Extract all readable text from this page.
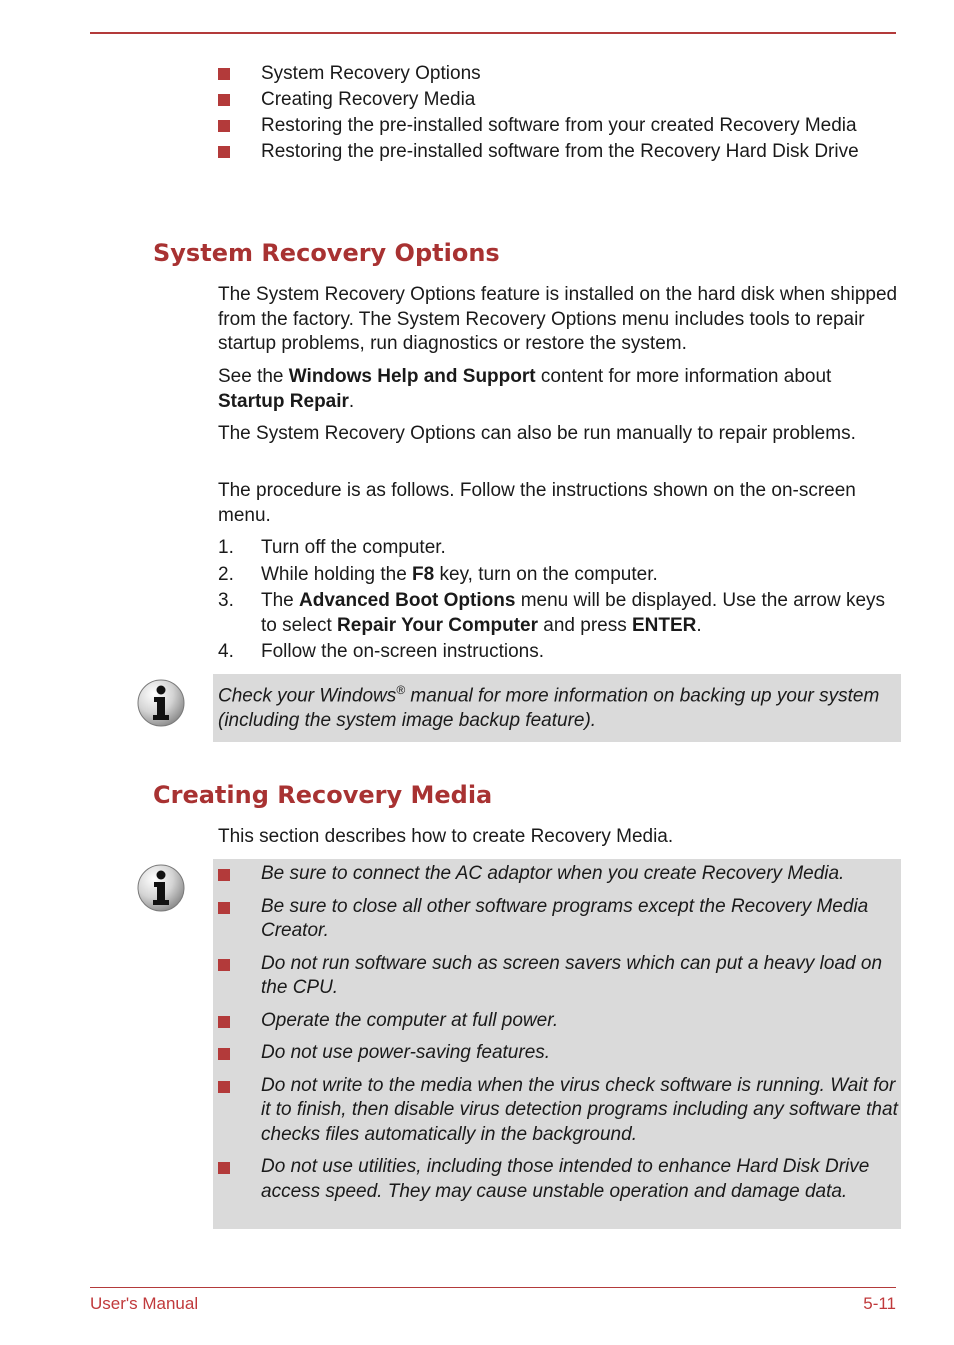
System Recovery Options
Creating Recovery Media
Restoring the pre-installed software from your created Recovery Media
Restoring the pre-installed software from the Recovery Hard Disk Drive
System Recovery Options

The System Recovery Options feature is installed on the hard disk when shipped from the factory. The System Recovery Options menu includes tools to repair startup problems, run diagnostics or restore the system.

See the Windows Help and Support content for more information about Startup Repair.

The System Recovery Options can also be run manually to repair problems.

The procedure is as follows. Follow the instructions shown on the on-screen menu.

1. Turn off the computer.
2. While holding the F8 key, turn on the computer.
3. The Advanced Boot Options menu will be displayed. Use the arrow keys to select Repair Your Computer and press ENTER.
4. Follow the on-screen instructions.
Check your Windows® manual for more information on backing up your system (including the system image backup feature).
Creating Recovery Media

This section describes how to create Recovery Media.

Be sure to connect the AC adaptor when you create Recovery Media.
Be sure to close all other software programs except the Recovery Media Creator.
Do not run software such as screen savers which can put a heavy load on the CPU.
Operate the computer at full power.
Do not use power-saving features.
Do not write to the media when the virus check software is running. Wait for it to finish, then disable virus detection programs including any software that checks files automatically in the background.
Do not use utilities, including those intended to enhance Hard Disk Drive access speed. They may cause unstable operation and damage data.
User's Manual	5-11
